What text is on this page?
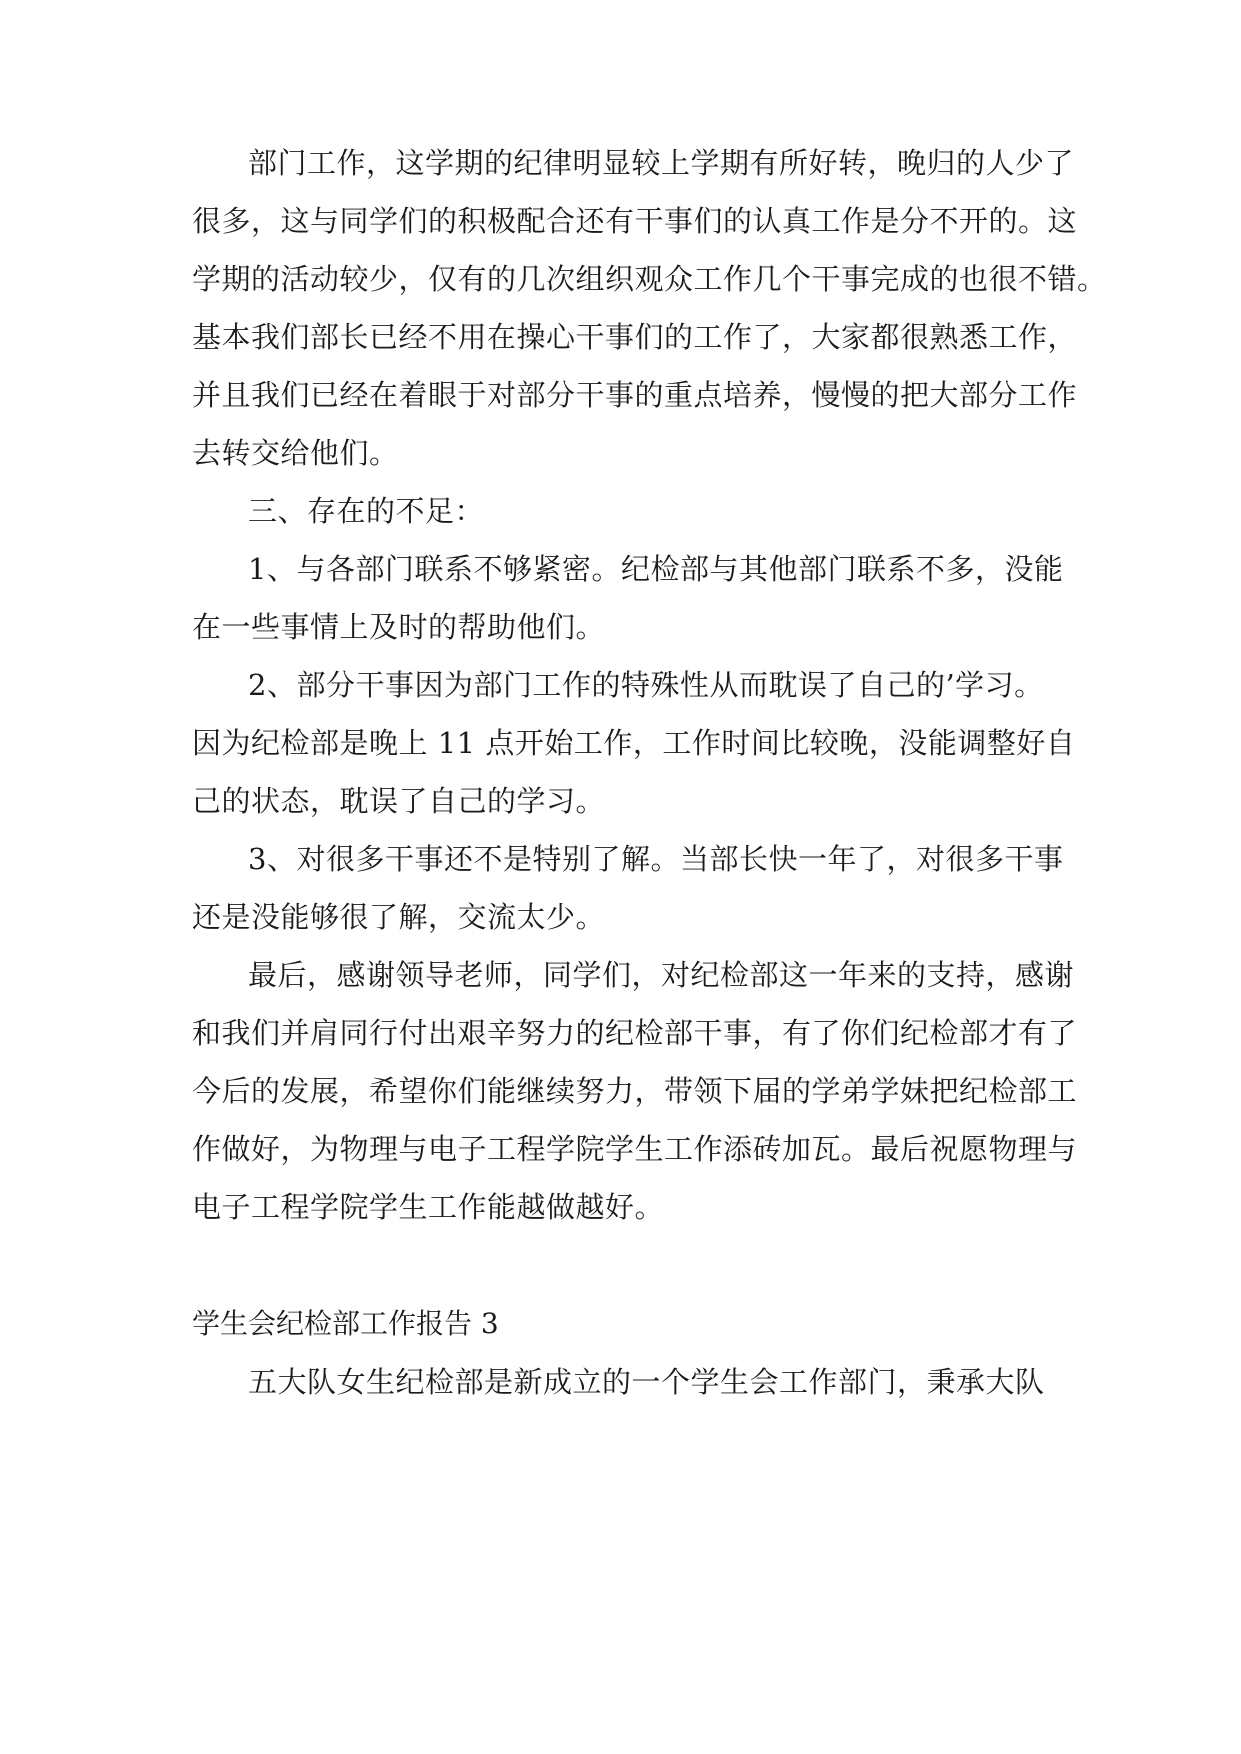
部门工作，这学期的纪律明显较上学期有所好转，晚归的人少了
很多，这与同学们的积极配合还有干事们的认真工作是分不开的。这
学期的活动较少，仅有的几次组织观众工作几个干事完成的也很不错。
基本我们部长已经不用在操心干事们的工作了，大家都很熟悉工作，
并且我们已经在着眼于对部分干事的重点培养，慢慢的把大部分工作
去转交给他们。
三、存在的不足：
1、与各部门联系不够紧密。纪检部与其他部门联系不多，没能
在一些事情上及时的帮助他们。
2、部分干事因为部门工作的特殊性从而耽误了自己的’学习。
因为纪检部是晚上 11 点开始工作，工作时间比较晚，没能调整好自
己的状态，耽误了自己的学习。
3、对很多干事还不是特别了解。当部长快一年了，对很多干事
还是没能够很了解，交流太少。
最后，感谢领导老师，同学们，对纪检部这一年来的支持，感谢
和我们并肩同行付出艰辛努力的纪检部干事，有了你们纪检部才有了
今后的发展，希望你们能继续努力，带领下届的学弟学妹把纪检部工
作做好，为物理与电子工程学院学生工作添砖加瓦。最后祝愿物理与
电子工程学院学生工作能越做越好。
学生会纪检部工作报告 3
五大队女生纪检部是新成立的一个学生会工作部门，秉承大队
